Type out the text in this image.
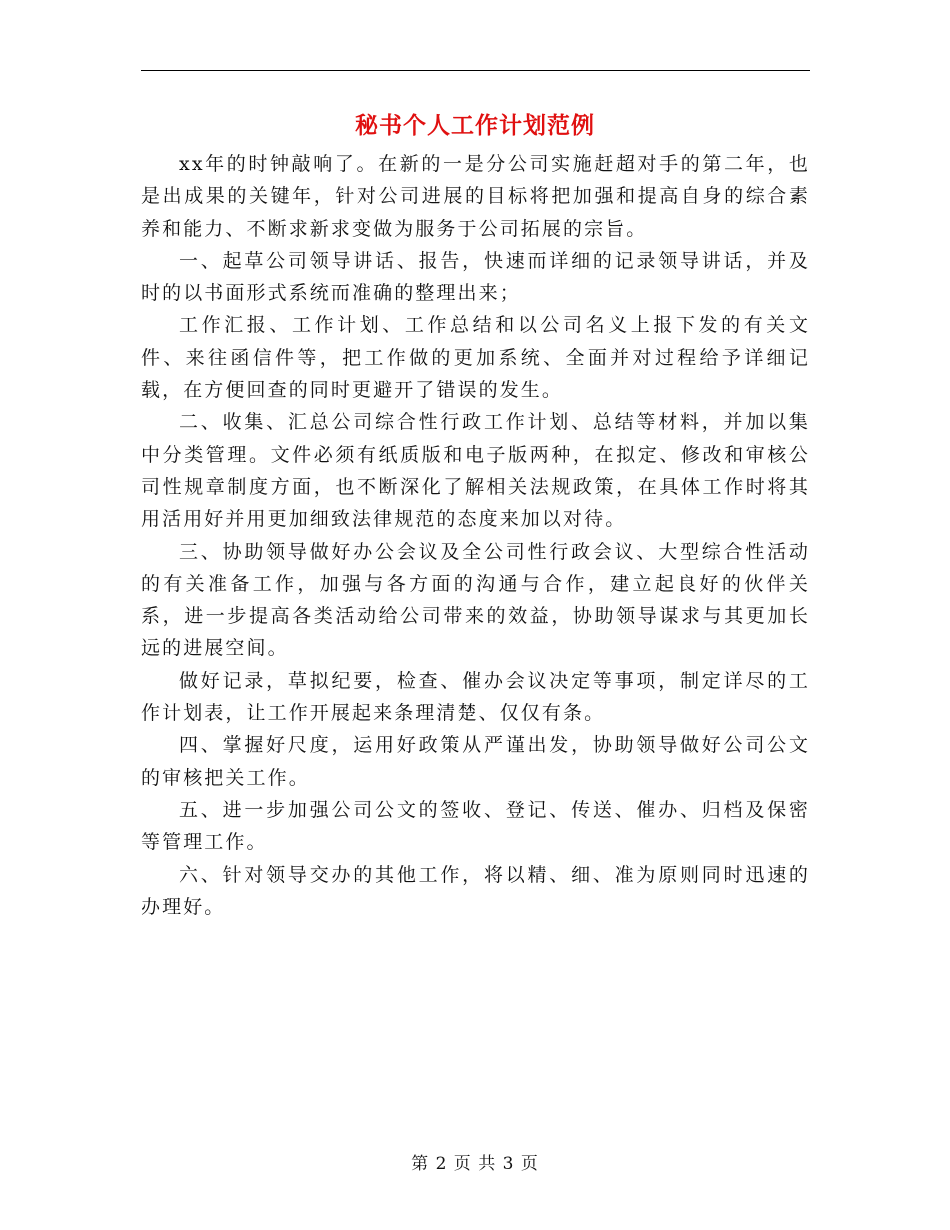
秘书个人工作计划范例

xx年的时钟敲响了。在新的一是分公司实施赶超对手的第二年，也是出成果的关键年，针对公司进展的目标将把加强和提高自身的综合素养和能力、不断求新求变做为服务于公司拓展的宗旨。

一、起草公司领导讲话、报告，快速而详细的记录领导讲话，并及时的以书面形式系统而准确的整理出来；

工作汇报、工作计划、工作总结和以公司名义上报下发的有关文件、来往函信件等，把工作做的更加系统、全面并对过程给予详细记载，在方便回查的同时更避开了错误的发生。

二、收集、汇总公司综合性行政工作计划、总结等材料，并加以集中分类管理。文件必须有纸质版和电子版两种，在拟定、修改和审核公司性规章制度方面，也不断深化了解相关法规政策，在具体工作时将其用活用好并用更加细致法律规范的态度来加以对待。

三、协助领导做好办公会议及全公司性行政会议、大型综合性活动的有关准备工作，加强与各方面的沟通与合作，建立起良好的伙伴关系，进一步提高各类活动给公司带来的效益，协助领导谋求与其更加长远的进展空间。

做好记录，草拟纪要，检查、催办会议决定等事项，制定详尽的工作计划表，让工作开展起来条理清楚、仅仅有条。

四、掌握好尺度，运用好政策从严谨出发，协助领导做好公司公文的审核把关工作。

五、进一步加强公司公文的签收、登记、传送、催办、归档及保密等管理工作。

六、针对领导交办的其他工作，将以精、细、准为原则同时迅速的办理好。

第 2 页 共 3 页
